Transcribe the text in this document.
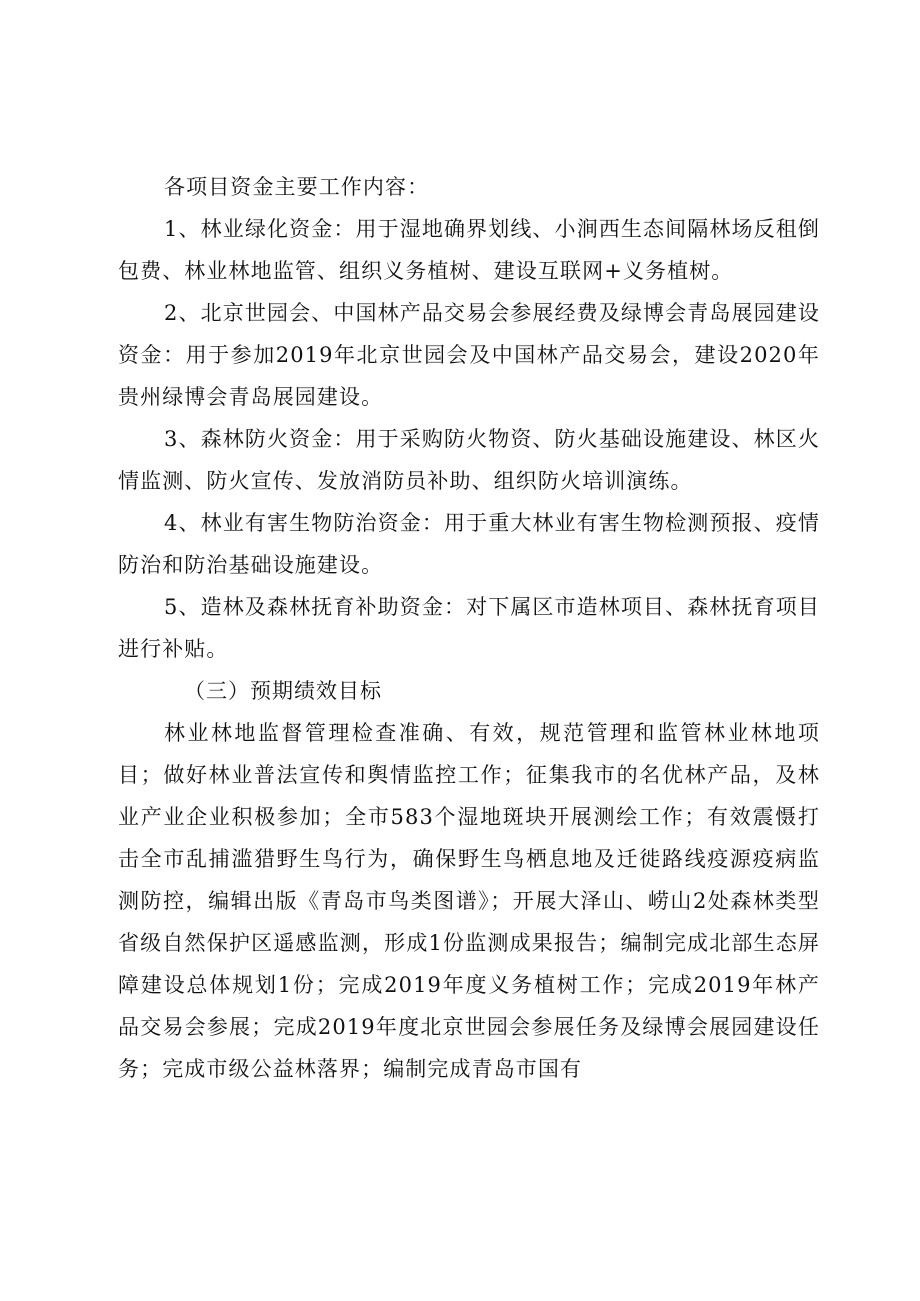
各项目资金主要工作内容：

1、林业绿化资金：用于湿地确界划线、小涧西生态间隔林场反租倒包费、林业林地监管、组织义务植树、建设互联网+义务植树。

2、北京世园会、中国林产品交易会参展经费及绿博会青岛展园建设资金：用于参加2019年北京世园会及中国林产品交易会，建设2020年贵州绿博会青岛展园建设。

3、森林防火资金：用于采购防火物资、防火基础设施建设、林区火情监测、防火宣传、发放消防员补助、组织防火培训演练。

4、林业有害生物防治资金：用于重大林业有害生物检测预报、疫情防治和防治基础设施建设。

5、造林及森林抚育补助资金：对下属区市造林项目、森林抚育项目进行补贴。

（三）预期绩效目标

林业林地监督管理检查准确、有效，规范管理和监管林业林地项目；做好林业普法宣传和舆情监控工作；征集我市的名优林产品，及林业产业企业积极参加；全市583个湿地斑块开展测绘工作；有效震慑打击全市乱捕滥猎野生鸟行为，确保野生鸟栖息地及迁徙路线疫源疫病监测防控，编辑出版《青岛市鸟类图谱》；开展大泽山、崂山2处森林类型省级自然保护区遥感监测，形成1份监测成果报告；编制完成北部生态屏障建设总体规划1份；完成2019年度义务植树工作；完成2019年林产品交易会参展；完成2019年度北京世园会参展任务及绿博会展园建设任务；完成市级公益林落界；编制完成青岛市国有
